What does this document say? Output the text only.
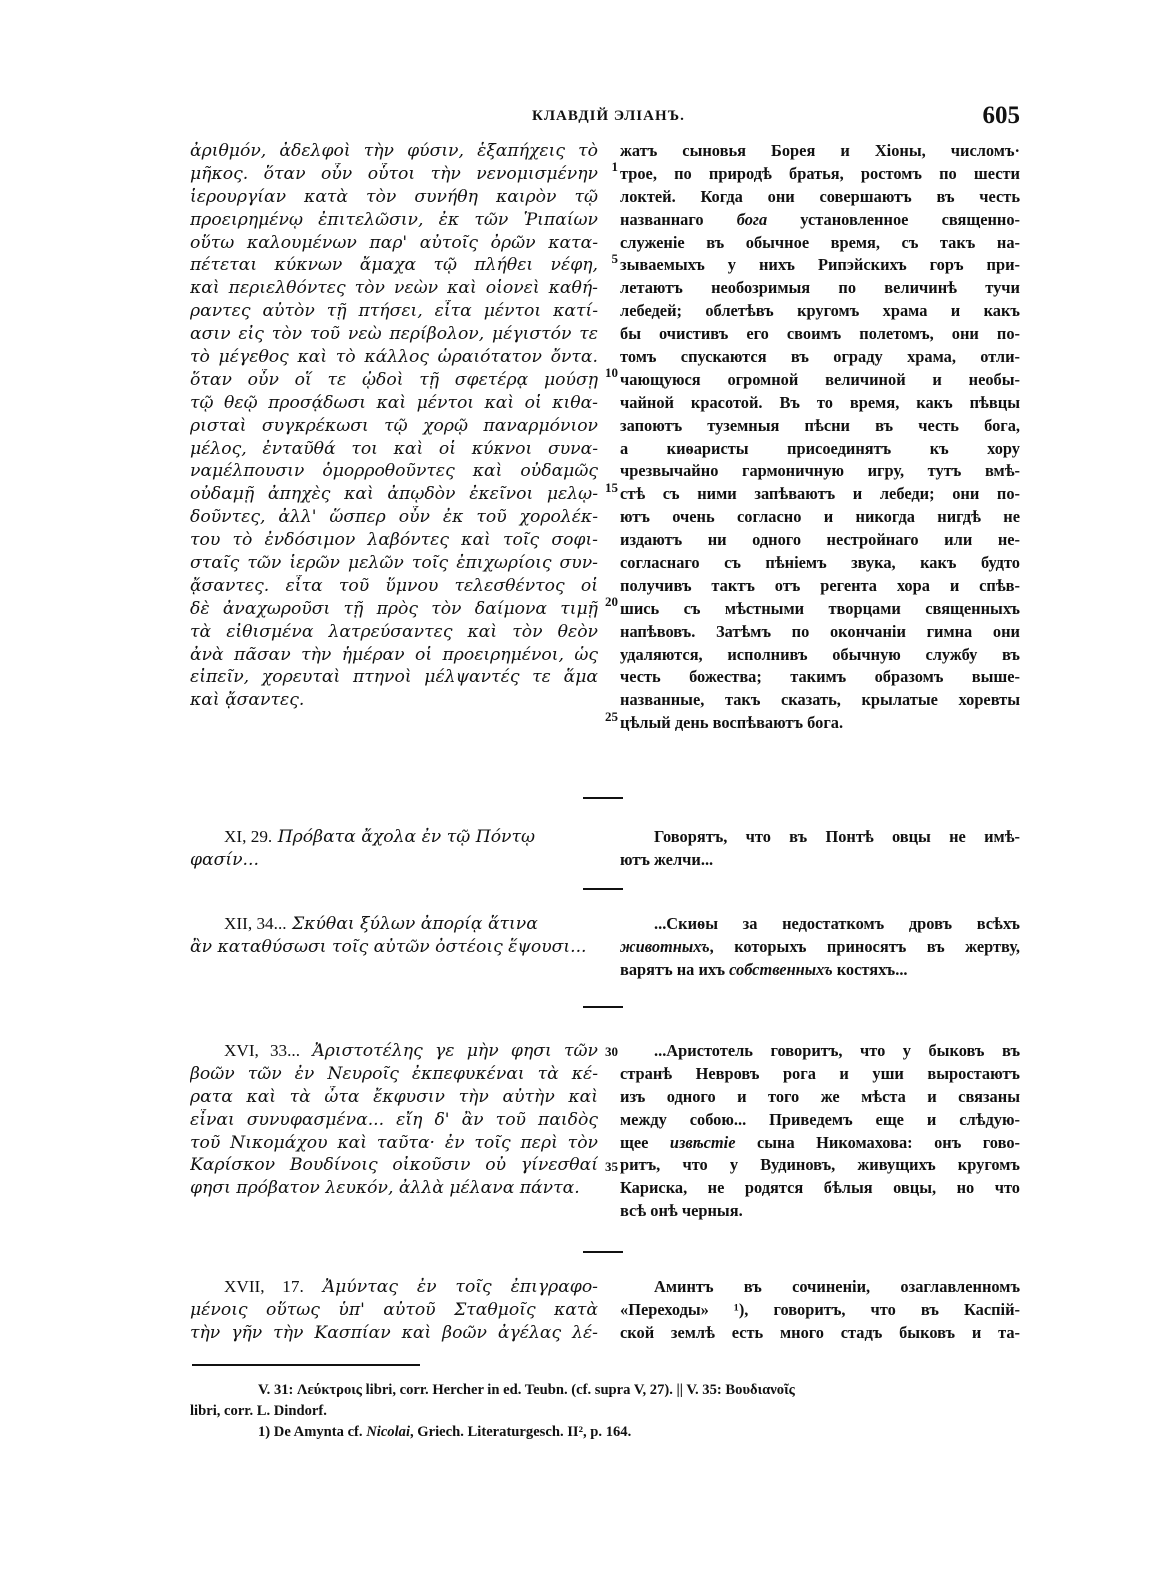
КЛАВДІЙ ЭЛІАНЪ.	605
ἀριθμόν, ἀδελφοὶ τὴν φύσιν, ἑξαπήχεις τὸ
μῆκος. ὅταν οὖν οὗτοι τὴν νενομισμένην
ἱερουργίαν κατὰ τὸν συνήθη καιρὸν τῷ
προειρημένῳ ἐπιτελῶσιν, ἐκ τῶν Ῥιπαίων
οὕτω καλουμένων παρ' αὐτοῖς ὀρῶν κατα-
πέτεται κύκνων ἄμαχα τῷ πλήθει νέφη,
καὶ περιελθόντες τὸν νεὼν καὶ οἱονεὶ καθή-
ραντες αὐτὸν τῇ πτήσει, εἶτα μέντοι κατί-
ασιν εἰς τὸν τοῦ νεὼ περίβολον, μέγιστόν τε
τὸ μέγεθος καὶ τὸ κάλλος ὡραιότατον ὄντα.
ὅταν οὖν οἵ τε ᾠδοὶ τῇ σφετέρᾳ μούσῃ
τῷ θεῷ προσᾴδωσι καὶ μέντοι καὶ οἱ κιθα-
ρισταὶ συγκρέκωσι τῷ χορῷ παναρμόνιον
μέλος, ἐνταῦθά τοι καὶ οἱ κύκνοι συνα-
ναμέλπουσιν ὁμορροθοῦντες καὶ οὐδαμῶς
οὐδαμῇ ἀπηχὲς καὶ ἀπῳδὸν ἐκεῖνοι μελῳ-
δοῦντες, ἀλλ' ὥσπερ οὖν ἐκ τοῦ χορολέκ-
του τὸ ἐνδόσιμον λαβόντες καὶ τοῖς σοφι-
σταῖς τῶν ἱερῶν μελῶν τοῖς ἐπιχωρίοις συν-
ᾄσαντες. εἶτα τοῦ ὕμνου τελεσθέντος οἱ
δὲ ἀναχωροῦσι τῇ πρὸς τὸν δαίμονα τιμῇ
τὰ εἰθισμένα λατρεύσαντες καὶ τὸν θεὸν
ἀνὰ πᾶσαν τὴν ἡμέραν οἱ προειρημένοι, ὡς
εἰπεῖν, χορευταὶ πτηνοὶ μέλψαντές τε ἅμα
καὶ ᾄσαντες.
1
5
10
15
20
25
жатъ сыновья Борея и Хіоны, числомъ·
трое, по природѣ братья, ростомъ по шести
локтей. Когда они совершаютъ въ честь
названнаго бога установленное священно-
служеніе въ обычное время, съ такъ на-
зываемыхъ у нихъ Рипэйскихъ горъ при-
летаютъ необозримыя по величинѣ тучи
лебедей; облетѣвъ кругомъ храма и какъ
бы очистивъ его своимъ полетомъ, они по-
томъ спускаются въ ограду храма, отли-
чающуюся огромной величиной и необы-
чайной красотой. Въ то время, какъ пѣвцы
запоютъ туземныя пѣсни въ честь бога,
а киѳаристы присоединятъ къ хору
чрезвычайно гармоничную игру, тутъ вмѣ-
стѣ съ ними запѣваютъ и лебеди; они по-
ютъ очень согласно и никогда нигдѣ не
издаютъ ни одного нестройнаго или не-
согласнаго съ пѣніемъ звука, какъ будто
получивъ тактъ отъ регента хора и спѣв-
шись съ мѣстными творцами священныхъ
напѣвовъ. Затѣмъ по окончаніи гимна они
удаляются, исполнивъ обычную службу въ
честь божества; такимъ образомъ выше-
названные, такъ сказать, крылатые хоревты
цѣлый день воспѣваютъ бога.
XI, 29. Πρόβατα ἄχολα ἐν τῷ Πόντῳ
φασίν...
Говорятъ, что въ Понтѣ овцы не имѣ-
ютъ желчи...
XII, 34... Σκύθαι ξύλων ἀπορίᾳ ἅτινα
ἂν καταθύσωσι τοῖς αὐτῶν ὀστέοις ἕψουσι...
...Скиѳы за недостаткомъ дровъ всѣхъ
животныхъ, которыхъ приносятъ въ жертву,
варятъ на ихъ собственныхъ костяхъ...
XVI, 33... Ἀριστοτέλης γε μὴν φησι τῶν
βοῶν τῶν ἐν Νευροῖς ἐκπεφυκέναι τὰ κέ-
ρατα καὶ τὰ ὦτα ἔκφυσιν τὴν αὐτὴν καὶ
εἶναι συνυφασμένα... εἴη δ' ἂν τοῦ παιδὸς
τοῦ Νικομάχου καὶ ταῦτα· ἐν τοῖς περὶ τὸν
Καρίσκον Βουδίνοις οἰκοῦσιν οὐ γίνεσθαί
φησι πρόβατον λευκόν, ἀλλὰ μέλανα πάντα.
30
35
...Аристотель говоритъ, что у быковъ въ
странѣ Невровъ рога и уши выростаютъ
изъ одного и того же мѣста и связаны
между собою... Приведемъ еще и слѣдую-
щее извѣстіе сына Никомахова: онъ гово-
ритъ, что у Вудиновъ, живущихъ кругомъ
Кариска, не родятся бѣлыя овцы, но что
всѣ онѣ черныя.
XVII, 17. Ἀμύντας ἐν τοῖς ἐπιγραφο-
μένοις οὕτως ὑπ' αὐτοῦ Σταθμοῖς κατὰ
τὴν γῆν τὴν Κασπίαν καὶ βοῶν ἀγέλας λέ-
Аминтъ въ сочиненіи, озаглавленномъ
«Переходы» ¹), говоритъ, что въ Каспій-
ской землѣ есть много стадъ быковъ и та-
V. 31: Λεύκτροις libri, corr. Hercher in ed. Teubn. (cf. supra V, 27). || V. 35: Βουδιανοῖς
libri, corr. L. Dindorf.
1) De Amynta cf. Nicolai, Griech. Literaturgesch. II², p. 164.
